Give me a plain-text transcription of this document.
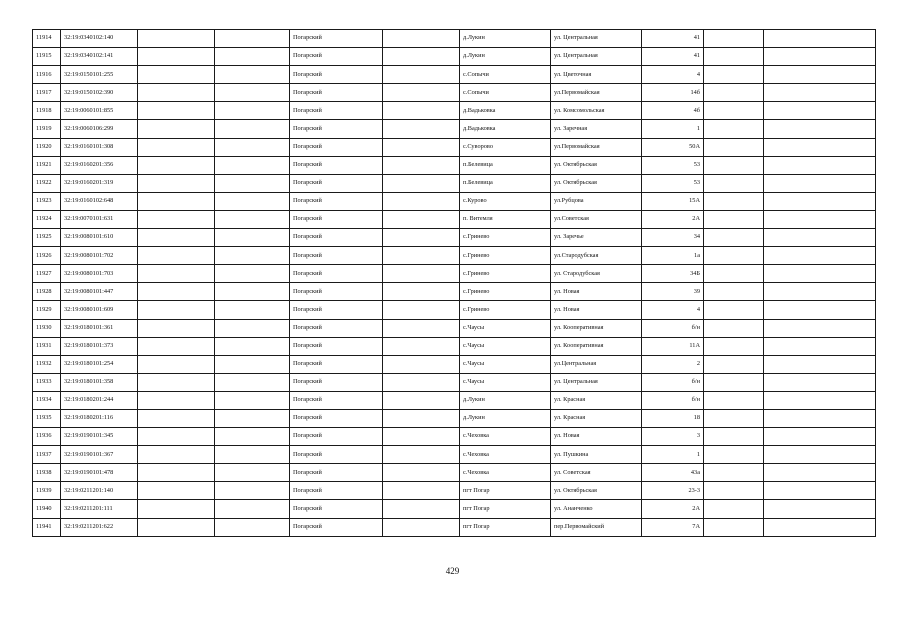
11914	32:19:0340102:140			Погарский		д.Лукин	ул. Центральная	41		
11915	32:19:0340102:141			Погарский		д.Лукин	ул. Центральная	41		
11916	32:19:0150101:255			Погарский		с.Сопычи	ул. Цветочная	4		
11917	32:19:0150102:390			Погарский		с.Сопычи	ул.Первомайская	14б		
11918	32:19:0060101:855			Погарский		д.Вадьковка	ул. Комсомольская	4б		
11919	32:19:0060106:299			Погарский		д.Вадьковка	ул. Заречная	1		
11920	32:19:0160101:308			Погарский		с.Суворово	ул.Первомайская	50А		
11921	32:19:0160201:356			Погарский		п.Белевица	ул. Октябрьская	53		
11922	32:19:0160201:319			Погарский		п.Белевица	ул. Октябрьская	53		
11923	32:19:0160102:648			Погарский		с.Курово	ул.Рубцова	15А		
11924	32:19:0070101:631			Погарский		п. Витемля	ул.Советская	2А		
11925	32:19:0080101:610			Погарский		с.Гринево	ул. Заречье	34		
11926	32:19:0080101:702			Погарский		с.Гринево	ул.Стародубская	1а		
11927	32:19:0080101:703			Погарский		с.Гринево	ул. Стародубская	34Б		
11928	32:19:0080101:447			Погарский		с.Гринево	ул. Новая	39		
11929	32:19:0080101:609			Погарский		с.Гринево	ул. Новая	4		
11930	32:19:0180101:361			Погарский		с.Чаусы	ул. Кооперативная	б/н		
11931	32:19:0180101:373			Погарский		с.Чаусы	ул. Кооперативная	11А		
11932	32:19:0180101:254			Погарский		с.Чаусы	ул.Центральная	2		
11933	32:19:0180101:358			Погарский		с.Чаусы	ул. Центральная	б/н		
11934	32:19:0180201:244			Погарский		д.Лукин	ул. Красная	б/н		
11935	32:19:0180201:116			Погарский		д.Лукин	ул. Красная	18		
11936	32:19:0190101:345			Погарский		с.Чеховка	ул. Новая	3		
11937	32:19:0190101:367			Погарский		с.Чеховка	ул. Пушкина	1		
11938	32:19:0190101:478			Погарский		с.Чеховка	ул. Советская	43а		
11939	32:19:0211201:140			Погарский		пгт Погар	ул. Октябрьская	23-3		
11940	32:19:0211201:111			Погарский		пгт Погар	ул. Ананченко	2А		
11941	32:19:0211201:622			Погарский		пгт Погар	пер.Первомайский	7А		
429
